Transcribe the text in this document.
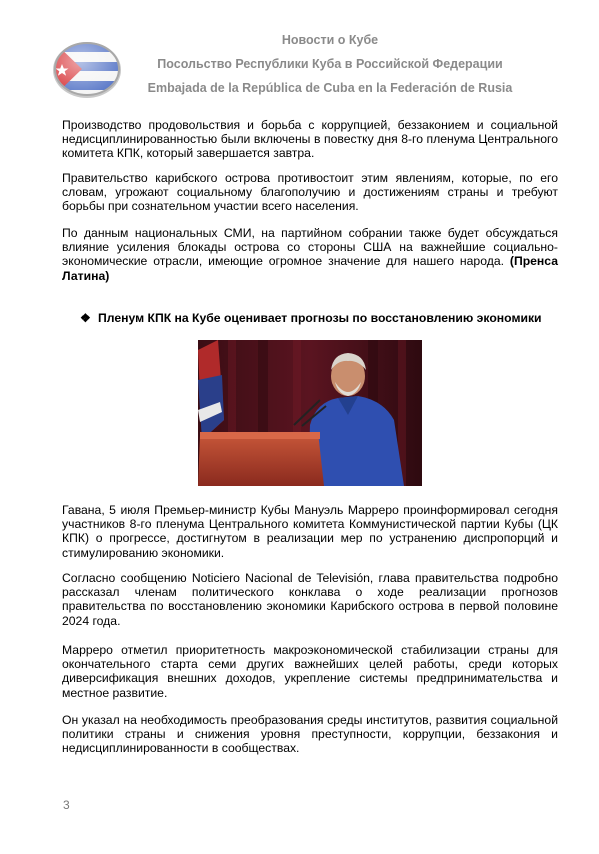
Новости о Кубе
Посольство Республики Куба в Российской Федерации
Embajada de la República de Cuba en la Federación de Rusia
Производство продовольствия и борьба с коррупцией, беззаконием и социальной недисциплинированностью были включены в повестку дня 8-го пленума Центрального комитета КПК, который завершается завтра.
Правительство карибского острова противостоит этим явлениям, которые, по его словам, угрожают социальному благополучию и достижениям страны и требуют борьбы при сознательном участии всего населения.
По данным национальных СМИ, на партийном собрании также будет обсуждаться влияние усиления блокады острова со стороны США на важнейшие социально-экономические отрасли, имеющие огромное значение для нашего народа. (Пренса Латина)
❖ Пленум КПК на Кубе оценивает прогнозы по восстановлению экономики
Гавана, 5 июля Премьер-министр Кубы Мануэль Марреро проинформировал сегодня участников 8-го пленума Центрального комитета Коммунистической партии Кубы (ЦК КПК) о прогрессе, достигнутом в реализации мер по устранению диспропорций и стимулированию экономики.
Согласно сообщению Noticiero Nacional de Televisión, глава правительства подробно рассказал членам политического конклава о ходе реализации прогнозов правительства по восстановлению экономики Карибского острова в первой половине 2024 года.
Марреро отметил приоритетность макроэкономической стабилизации страны для окончательного старта семи других важнейших целей работы, среди которых диверсификация внешних доходов, укрепление системы предпринимательства и местное развитие.
Он указал на необходимость преобразования среды институтов, развития социальной политики страны и снижения уровня преступности, коррупции, беззакония и недисциплинированности в сообществах.
3
